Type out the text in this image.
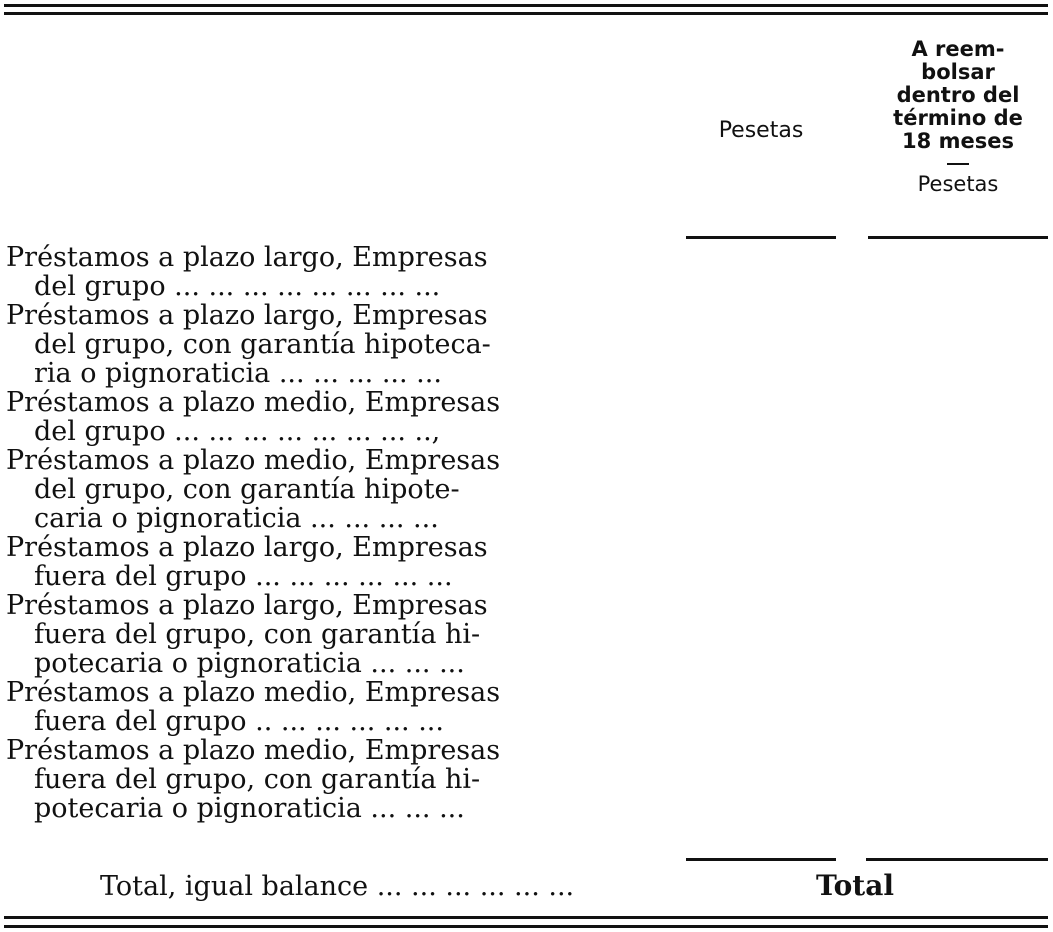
Pesetas
A reem-
bolsar
dentro del
término de
18 meses
Pesetas
Préstamos a plazo largo, Empresas
del grupo ... ... ... ... ... ... ... ...
Préstamos a plazo largo, Empresas
del grupo, con garantía hipoteca-
ria o pignoraticia ... ... ... ... ...
Préstamos a plazo medio, Empresas
del grupo ... ... ... ... ... ... ... ..,
Préstamos a plazo medio, Empresas
del grupo, con garantía hipote-
caria o pignoraticia ... ... ... ...
Préstamos a plazo largo, Empresas
fuera del grupo ... ... ... ... ... ...
Préstamos a plazo largo, Empresas
fuera del grupo, con garantía hi-
potecaria o pignoraticia ... ... ...
Préstamos a plazo medio, Empresas
fuera del grupo .. ... ... ... ... ...
Préstamos a plazo medio, Empresas
fuera del grupo, con garantía hi-
potecaria o pignoraticia ... ... ...
Total, igual balance ... ... ... ... ... ...	Total
